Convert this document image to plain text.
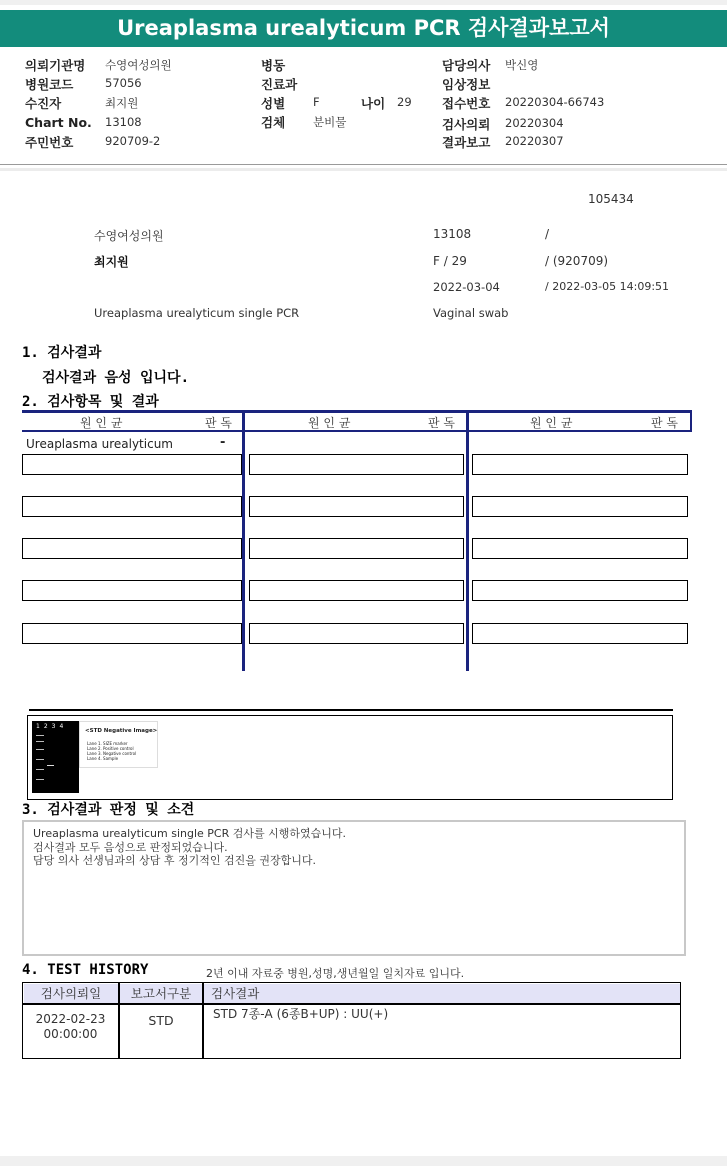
Ureaplasma urealyticum PCR 검사결과보고서
의뢰기관명 수영여성의원
병원코드	57056
수진자	최지원
Chart No. 13108
주민번호	920709-2
병동
진료과
성별 F	나이 29
검체 분비물
담당의사 박신영
임상정보
접수번호 20220304-66743
검사의뢰 20220304
결과보고 20220307
105434
수영여성의원	13108	/
최지원	F / 29	/ (920709)
2022-03-04	/ 2022-03-05 14:09:51
Ureaplasma urealyticum single PCR	Vaginal swab
1. 검사결과
검사결과 음성 입니다.
2. 검사항목 및 결과
원 인 균	판 독	원 인 균	판 독	원 인 균	판 독
Ureaplasma urealyticum	-
1234
<STD Negative Image>
Lane 1. SIZE marker
Lane 2. Positive control
Lane 3. Negative control
Lane 4. Sample
3. 검사결과 판정 및 소견
Ureaplasma urealyticum single PCR 검사를 시행하였습니다.
검사결과 모두 음성으로 판정되었습니다.
담당 의사 선생님과의 상담 후 정기적인 검진을 권장합니다.
4. TEST HISTORY	2년 이내 자료중 병원,성명,생년월일 일치자료 입니다.
검사의뢰일	보고서구분	검사결과
2022-02-23
00:00:00
STD	STD 7종-A (6종B+UP) : UU(+)
